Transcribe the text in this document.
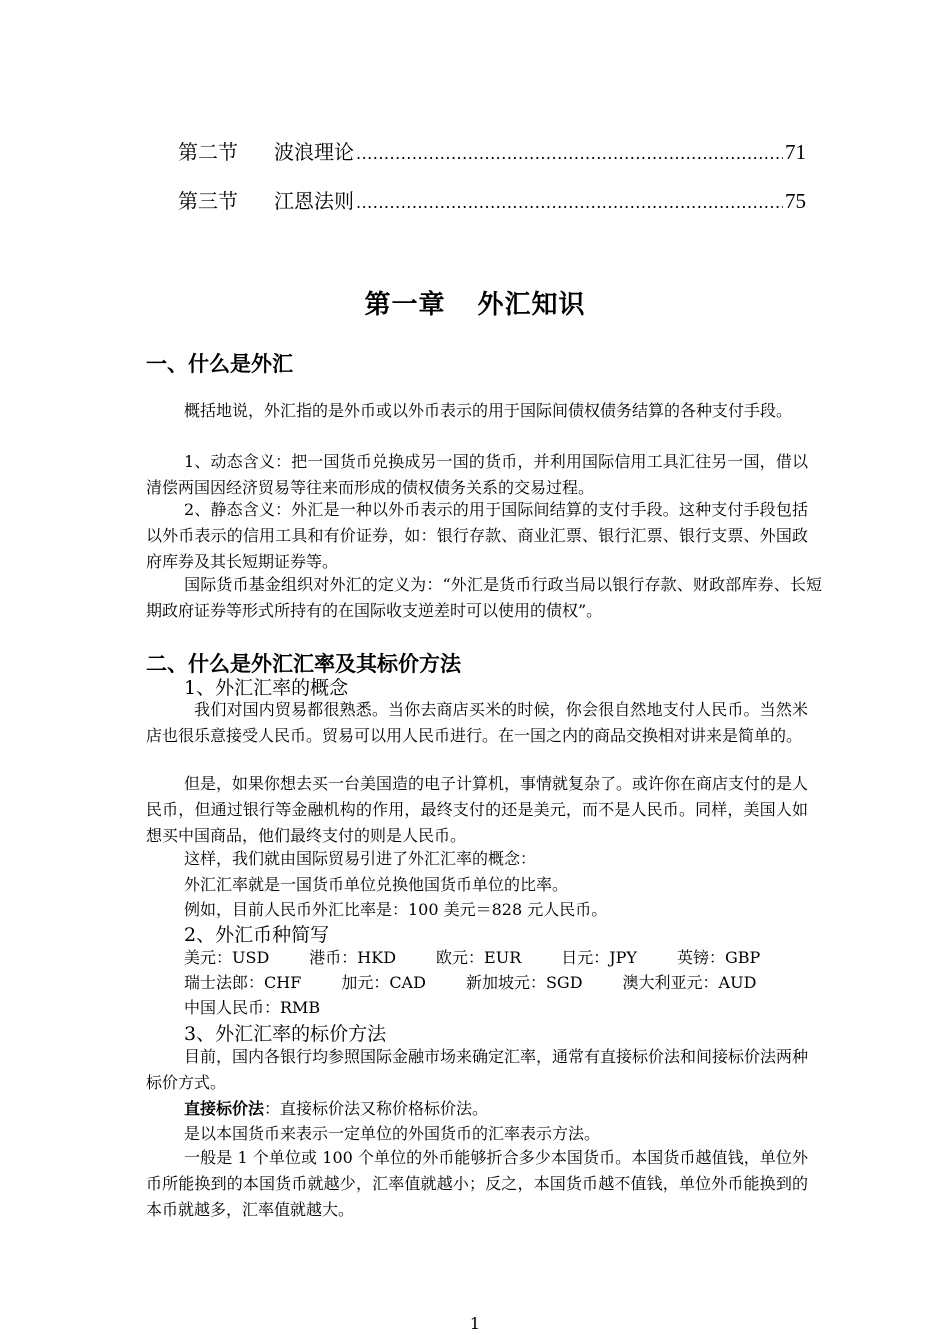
第二节	波浪理论 .....	71
第三节	江恩法则 .....	75
第一章 外汇知识
一、什么是外汇
概括地说，外汇指的是外币或以外币表示的用于国际间债权债务结算的各种支付手段。
1、动态含义：把一国货币兑换成另一国的货币，并利用国际信用工具汇往另一国，借以清偿两国因经济贸易等往来而形成的债权债务关系的交易过程。
2、静态含义：外汇是一种以外币表示的用于国际间结算的支付手段。这种支付手段包括以外币表示的信用工具和有价证券，如：银行存款、商业汇票、银行汇票、银行支票、外国政府库券及其长短期证券等。
国际货币基金组织对外汇的定义为：“外汇是货币行政当局以银行存款、财政部库券、长短期政府证券等形式所持有的在国际收支逆差时可以使用的债权”。
二、什么是外汇汇率及其标价方法
1、外汇汇率的概念
我们对国内贸易都很熟悉。当你去商店买米的时候，你会很自然地支付人民币。当然米店也很乐意接受人民币。贸易可以用人民币进行。在一国之内的商品交换相对讲来是简单的。
但是，如果你想去买一台美国造的电子计算机，事情就复杂了。或许你在商店支付的是人民币，但通过银行等金融机构的作用，最终支付的还是美元，而不是人民币。同样，美国人如想买中国商品，他们最终支付的则是人民币。
这样，我们就由国际贸易引进了外汇汇率的概念：
外汇汇率就是一国货币单位兑换他国货币单位的比率。
例如，目前人民币外汇比率是：100 美元＝828 元人民币。
2、外汇币种简写
美元：USD	港币：HKD	欧元：EUR	日元：JPY	英镑：GBP
瑞士法郎：CHF	加元：CAD	新加坡元：SGD	澳大利亚元：AUD
中国人民币：RMB
3、外汇汇率的标价方法
目前，国内各银行均参照国际金融市场来确定汇率，通常有直接标价法和间接标价法两种标价方式。
直接标价法：直接标价法又称价格标价法。
是以本国货币来表示一定单位的外国货币的汇率表示方法。
一般是 1 个单位或 100 个单位的外币能够折合多少本国货币。本国货币越值钱，单位外币所能换到的本国货币就越少，汇率值就越小；反之，本国货币越不值钱，单位外币能换到的本币就越多，汇率值就越大。
1
